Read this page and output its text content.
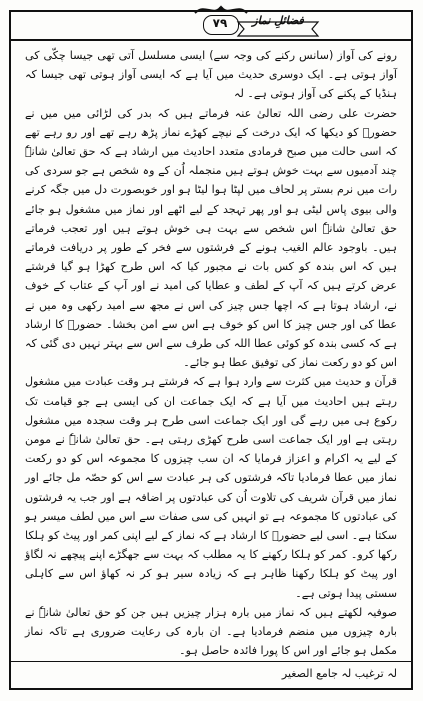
۷۹	فضائلِ نماز

رونے کی آواز (سانس رکنے کی وجہ سے) ایسی مسلسل آتی تھی جیسا چکّی کی آواز ہوتی ہے۔ ایک دوسری حدیث میں آیا ہے کہ ایسی آواز ہوتی تھی جیسا کہ ہنڈیا کے پکنے کی آواز ہوتی ہے۔ لہ

حضرت علی رضی اللہ تعالیٰ عنہ فرماتے ہیں کہ بدر کی لڑائی میں میں نے حضورؐ کو دیکھا کہ ایک درخت کے نیچے کھڑے نماز پڑھ رہے تھے اور رو رہے تھے کہ اسی حالت میں صبح فرمادی متعدد احادیث میں ارشاد ہے کہ حق تعالیٰ شانہٗ چند آدمیوں سے بہت خوش ہوتے ہیں منجملہ اُن کے وہ شخص ہے جو سردی کی رات میں نرم بستر پر لحاف میں لپٹا ہوا لیٹا ہو اور خوبصورت دل میں جگہ کرنے والی بیوی پاس لیٹی ہو اور پھر تہجد کے لیے اٹھے اور نماز میں مشغول ہو جائے حق تعالیٰ شانہٗ اس شخص سے بہت ہی خوش ہوتے ہیں اور تعجب فرماتے ہیں۔ باوجود عالم الغیب ہونے کے فرشتوں سے فخر کے طور پر دریافت فرماتے ہیں کہ اس بندہ کو کس بات نے مجبور کیا کہ اس طرح کھڑا ہو گیا فرشتے عرض کرتے ہیں کہ آپ کے لطف و عطایا کی امید نے اور آپ کے عتاب کے خوف نے، ارشاد ہوتا ہے کہ اچھا جس چیز کی اس نے مجھ سے امید رکھی وہ میں نے عطا کی اور جس چیز کا اس کو خوف ہے اس سے امن بخشا۔ حضورؐ کا ارشاد ہے کہ کسی بندہ کو کوئی عطا اللہ کی طرف سے اس سے بہتر نہیں دی گئی کہ اس کو دو رکعت نماز کی توفیق عطا ہو جائے۔

قرآن و حدیث میں کثرت سے وارد ہوا ہے کہ فرشتے ہر وقت عبادت میں مشغول رہتے ہیں احادیث میں آیا ہے کہ ایک جماعت ان کی ایسی ہے جو قیامت تک رکوع ہی میں رہے گی اور ایک جماعت اسی طرح ہر وقت سجدہ میں مشغول رہتی ہے اور ایک جماعت اسی طرح کھڑی رہتی ہے۔ حق تعالیٰ شانہٗ نے مومن کے لیے یہ اکرام و اعزاز فرمایا کہ ان سب چیزوں کا مجموعہ اس کو دو رکعت نماز میں عطا فرمادیا تاکہ فرشتوں کی ہر عبادت سے اس کو حصّہ مل جائے اور نماز میں قرآن شریف کی تلاوت اُن کی عبادتوں پر اضافہ ہے اور جب یہ فرشتوں کی عبادتوں کا مجموعہ ہے تو انہیں کی سی صفات سے اس میں لطف میسر ہو سکتا ہے۔ اسی لیے حضورؐ کا ارشاد ہے کہ نماز کے لیے اپنی کمر اور پیٹ کو ہلکا رکھا کرو۔ کمر کو ہلکا رکھنے کا یہ مطلب کہ بہت سے جھگڑے اپنے پیچھے نہ لگاؤ اور پیٹ کو ہلکا رکھنا ظاہر ہے کہ زیادہ سیر ہو کر نہ کھاؤ اس سے کاہلی سستی پیدا ہوتی ہے۔

صوفیہ لکھتے ہیں کہ نماز میں بارہ ہزار چیزیں ہیں جن کو حق تعالیٰ شانہٗ نے بارہ چیزوں میں منضم فرمادیا ہے۔ ان بارہ کی رعایت ضروری ہے تاکہ نماز مکمل ہو جائے اور اس کا پورا فائدہ حاصل ہو۔

لہ ترغیب لہ جامع الصغیر
